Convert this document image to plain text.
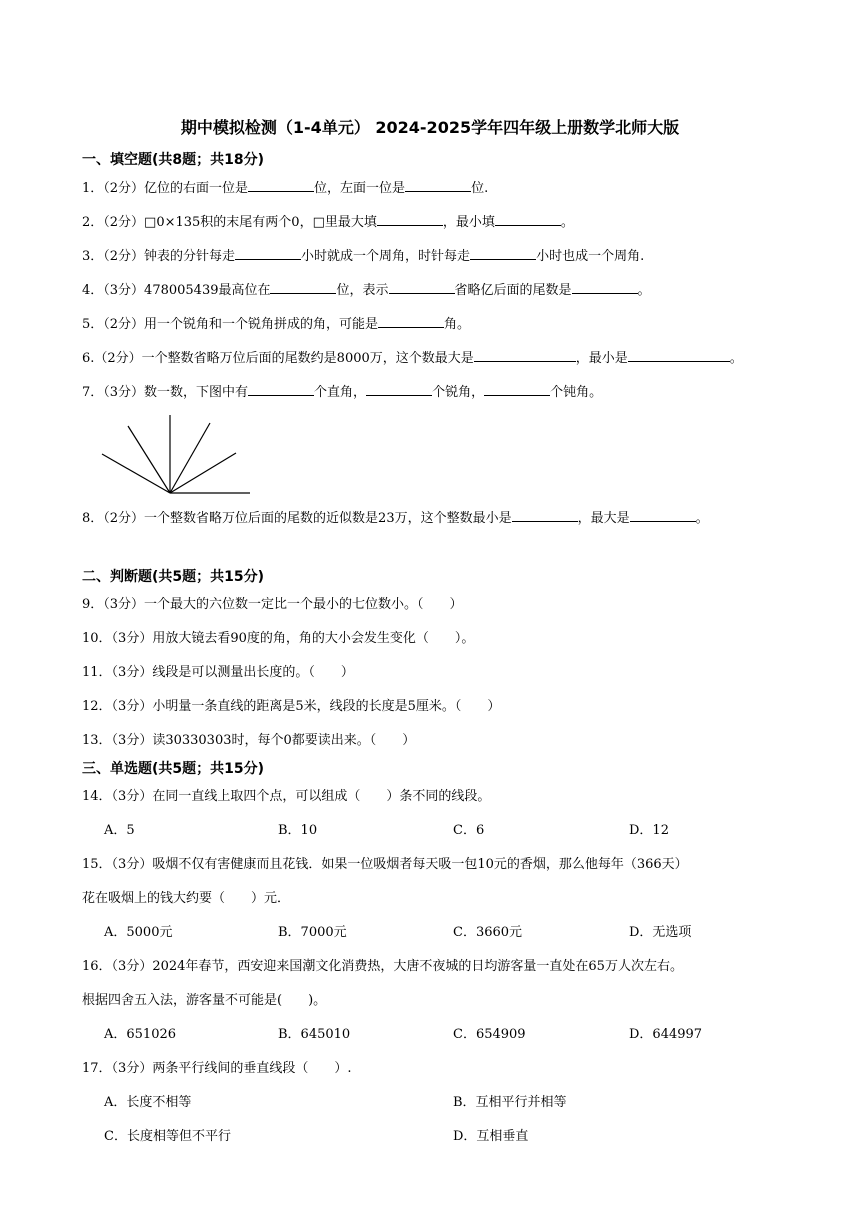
期中模拟检测（1-4单元） 2024-2025学年四年级上册数学北师大版
一、填空题(共8题；共18分)
1．（2分）亿位的右面一位是	位，左面一位是	位.
2．（2分）□0×135积的末尾有两个0，□里最大填	，最小填	。
3．（2分）钟表的分针每走	小时就成一个周角，时针每走	小时也成一个周角.
4．（3分）478005439最高位在	位，表示	省略亿后面的尾数是	。
5．（2分）用一个锐角和一个锐角拼成的角，可能是	角。
6.（2分）一个整数省略万位后面的尾数约是8000万，这个数最大是	，最小是	。
7．（3分）数一数，下图中有	个直角，	个锐角，	个钝角。
8．（2分）一个整数省略万位后面的尾数的近似数是23万，这个整数最小是	，最大是	。
二、判断题(共5题；共15分)
9．（3分）一个最大的六位数一定比一个最小的七位数小。（　　）
10．（3分）用放大镜去看90度的角，角的大小会发生变化（　　）。
11．（3分）线段是可以测量出长度的。（　　）
12．（3分）小明量一条直线的距离是5米，线段的长度是5厘米。（　　）
13．（3分）读30330303时，每个0都要读出来。（　　）
三、单选题(共5题；共15分)
14．（3分）在同一直线上取四个点，可以组成（　　）条不同的线段。
A．5	B．10	C．6	D．12
15．（3分）吸烟不仅有害健康而且花钱．如果一位吸烟者每天吸一包10元的香烟，那么他每年（366天）
花在吸烟上的钱大约要（　　）元．
A．5000元	B．7000元	C．3660元	D．无选项
16．（3分）2024年春节，西安迎来国潮文化消费热，大唐不夜城的日均游客量一直处在65万人次左右。
根据四舍五入法，游客量不可能是(　　)。
A．651026	B．645010	C．654909	D．644997
17．（3分）两条平行线间的垂直线段（　　）.
A．长度不相等	B．互相平行并相等
C．长度相等但不平行	D．互相垂直
